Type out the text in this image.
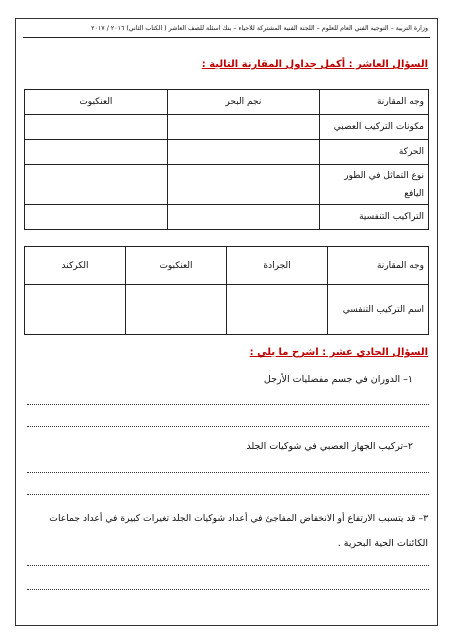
وزارة التربية – التوجيه الفني العام للعلوم – اللجنة الفنية المشتركة للأحياء – بنك أسئلة للصف العاشر ( الكتاب الثاني) ٢٠١٦ / ٢٠١٧
السؤال العاشر : أكمل جداول المقارنة التالية :
وجه المقارنة	نجم البحر	العنكبوت
مكونات التركيب العصبي		
الحركة		
نوع التماثل في الطور اليافع		
التراكيب التنفسية		
وجه المقارنة	الجرادة	العنكبوت	الكركند
اسم التركيب التنفسي			
السؤال الحادي عشر : اشرح ما يلي :
١– الدوران في جسم مفصليات الأرجل
٢–تركيب الجهاز العصبي في شوكيات الجلد
٣– قد يتسبب الارتفاع أو الانخفاض المفاجئ في أعداد شوكيات الجلد تغيرات كبيرة في أعداد جماعات
الكائنات الحية البحرية .
